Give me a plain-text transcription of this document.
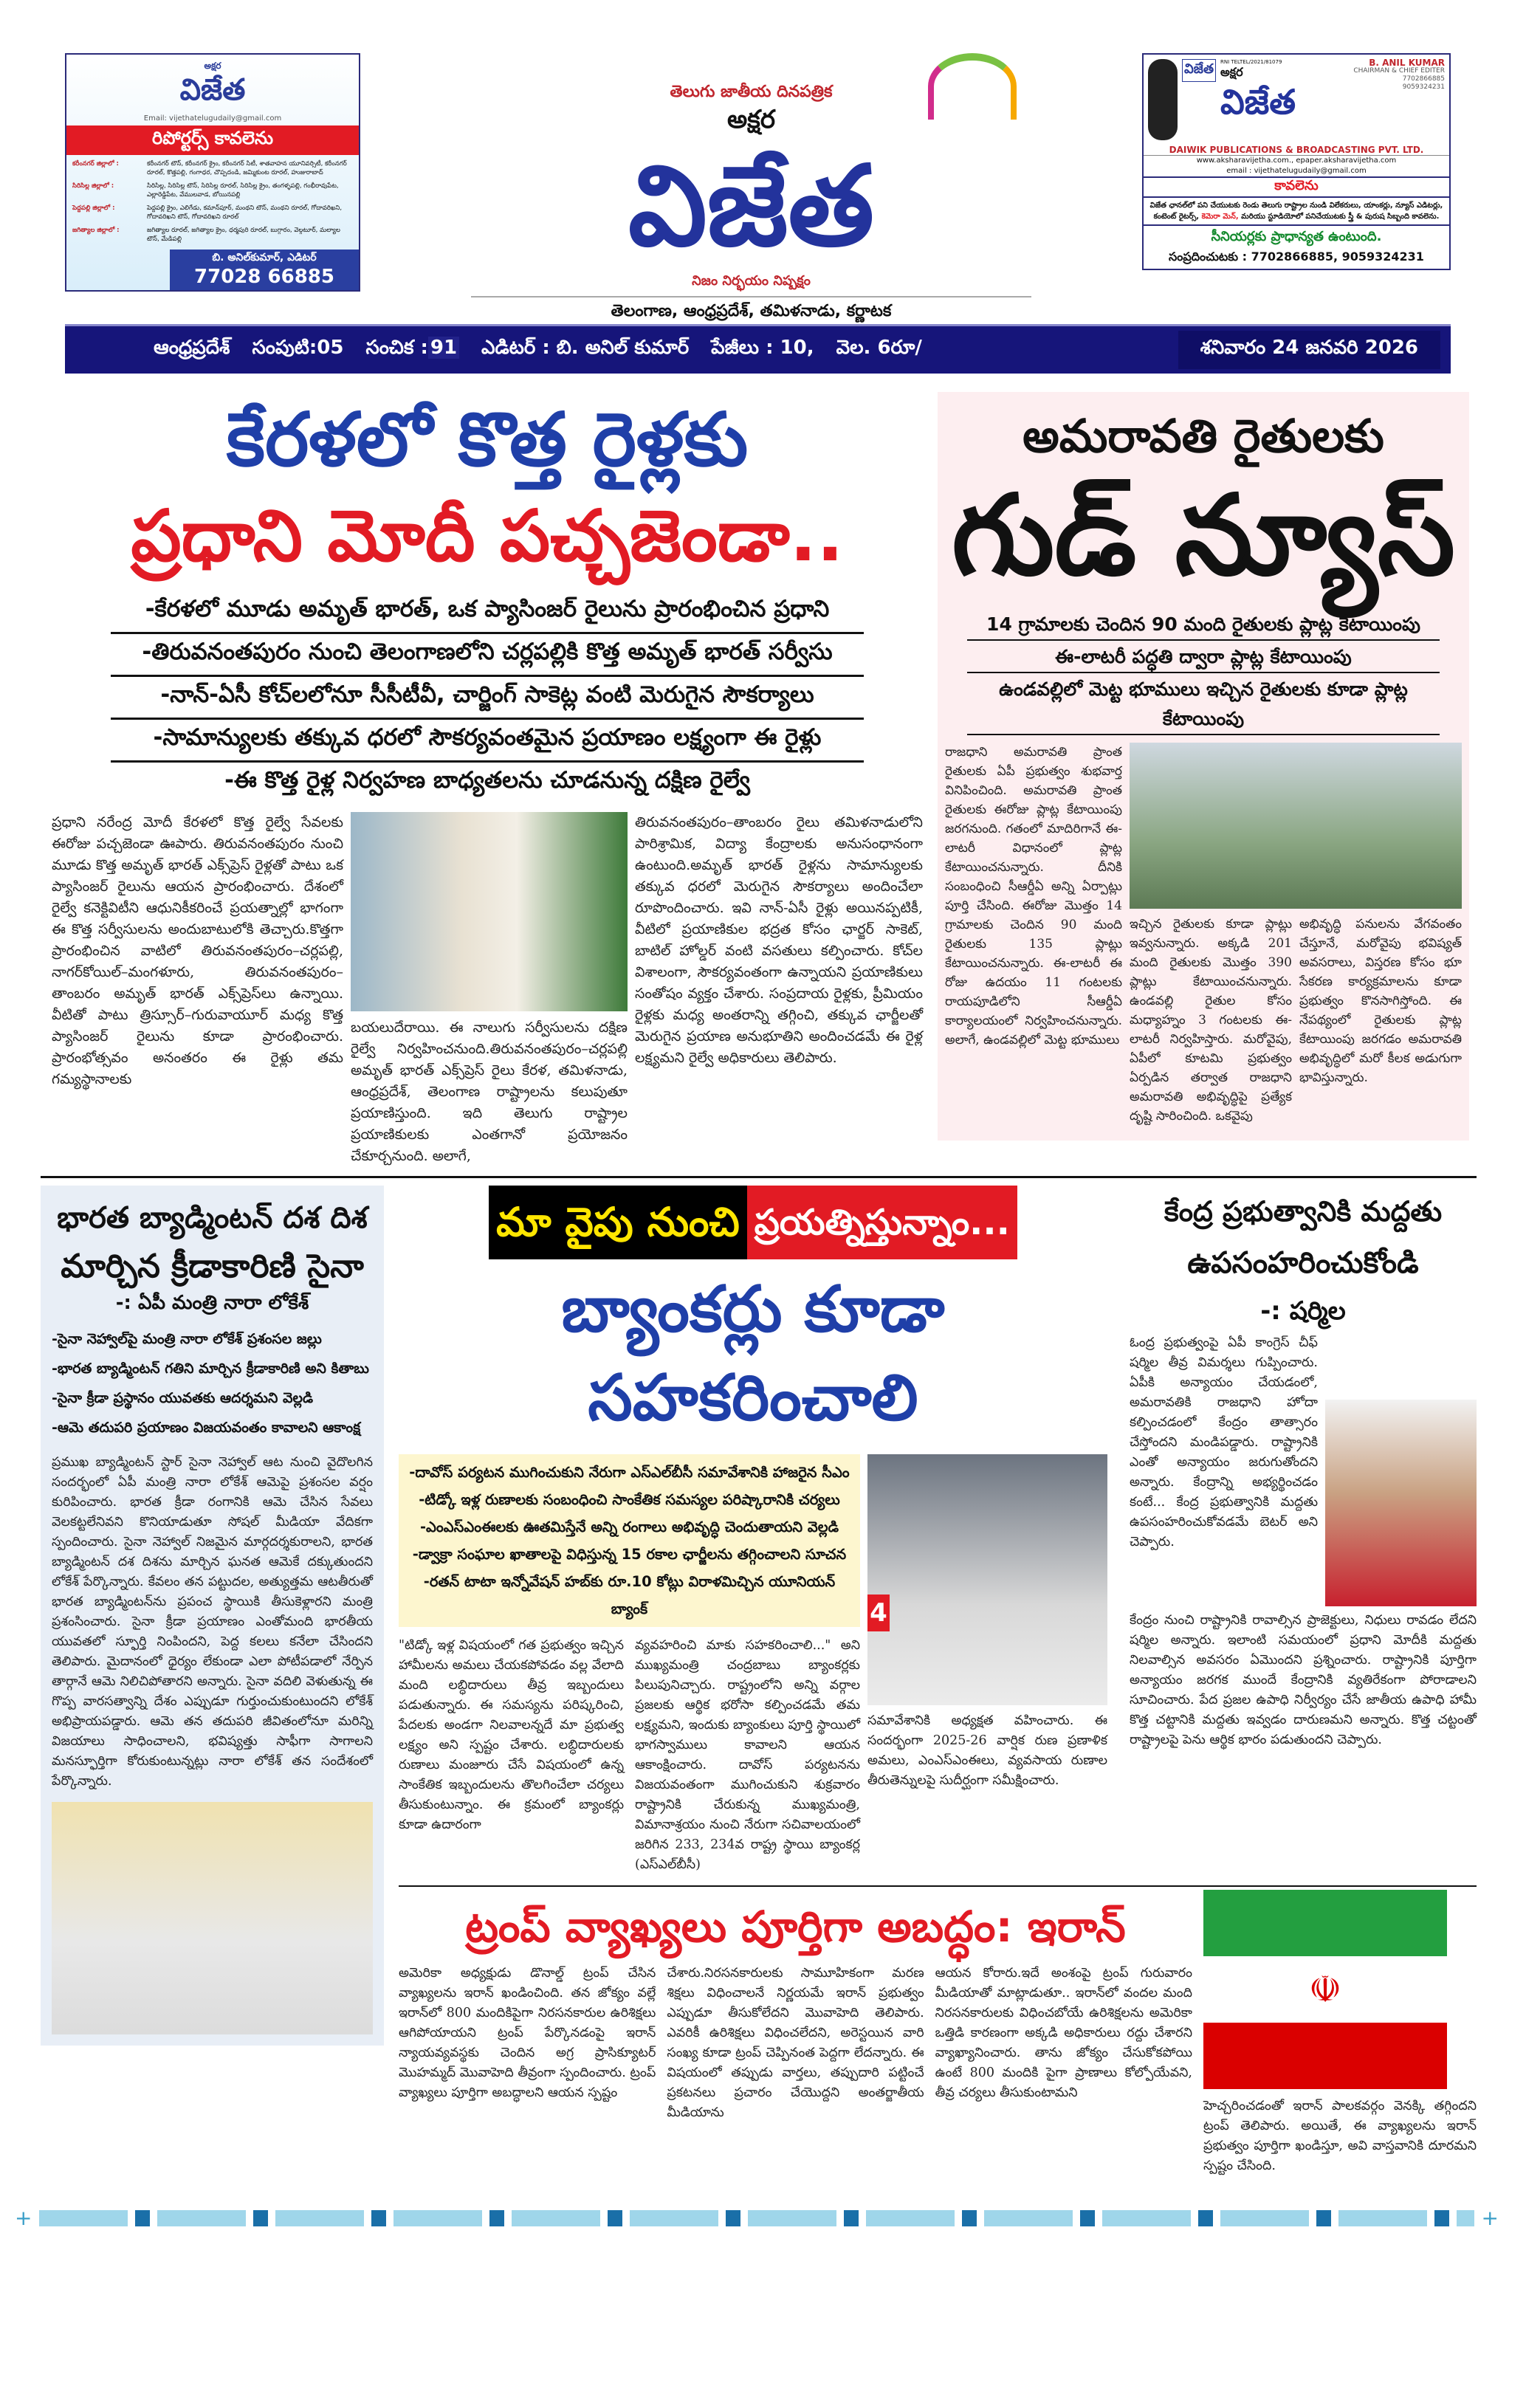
అక్షర
విజేత
Email: vijethatelugudaily@gmail.com
రిపోర్టర్స్ కావలెను
కరీంనగర్ జిల్లాలో :	కరీంనగర్ టౌన్, కరీంనగర్ క్రైం, కరీంనగర్ సిటీ, శాతవాహన యూనివర్సిటీ, కరీంనగర్ రూరల్, కొత్తపల్లి, గంగాధర, చొప్పదండి, జమ్మికుంట రూరల్, హుజురాబాద్
సిరిసిల్ల జిల్లాలో :	సిరిసిల్ల, సిరిసిల్ల టౌన్, సిరిసిల్ల రూరల్, సిరిసిల్ల క్రైం, తంగళ్ళపల్లి, గంభీరావుపేట, ఎల్లారెడ్డిపేట, వేములవాడ, బోయినపల్లి
పెద్దపల్లి జిల్లాలో :	పెద్దపల్లి క్రైం, ఎలిగేడు, కమాన్‌పూర్, మంథని టౌన్, మంథని రూరల్, గోదావరిఖని, గోదావరిఖని టౌన్, గోదావరిఖని రూరల్
జగిత్యాల జిల్లాలో :	జగిత్యాల రూరల్, జగిత్యాల క్రైం, ధర్మపురి రూరల్, బుగ్గారం, వెల్గటూర్, మల్యాల టౌన్, మేడిపల్లి
బి. అనిల్‌కుమార్, ఎడిటర్
77028 66885
తెలుగు జాతీయ దినపత్రిక
అక్షర
విజేత
నిజం నిర్భయం నిష్పక్షం
తెలంగాణ, ఆంధ్రప్రదేశ్, తమిళనాడు, కర్ణాటక
విజేత	RNI TELTEL/2021/81079
అక్షర
విజేత
B. ANIL KUMAR
CHAIRMAN & CHIEF EDITER
7702866885
9059324231
DAIWIK PUBLICATIONS & BROADCASTING PVT. LTD.
www.aksharavijetha.com., epaper.aksharavijetha.com
email : vijethatelugudaily@gmail.com
కావలెను
విజేత ఛానల్‌లో పని చేయుటకు రెండు తెలుగు రాష్ట్రాల నుండి విలేకరులు, యాంకర్లు, న్యూస్ ఎడిటర్లు, కంటెంట్ రైటర్స్, కెమెరా మెన్, మరియు స్టూడియోలో పనిచేయుటకు స్త్రీ & పురుష సిబ్బంది కావలెను.
సీనియర్లకు ప్రాధాన్యత ఉంటుంది.
సంప్రదించుటకు : 7702866885, 9059324231
ఆంధ్రప్రదేశ్ సంపుటి:05 సంచిక : 91 ఎడిటర్ : బి. అనిల్ కుమార్ పేజీలు : 10, వెల. 6రూ/	శనివారం 24 జనవరి 2026
కేరళలో కొత్త రైళ్లకు
ప్రధాని మోదీ పచ్చజెండా..
-కేరళలో మూడు అమృత్ భారత్, ఒక ప్యాసింజర్ రైలును ప్రారంభించిన ప్రధాని
-తిరువనంతపురం నుంచి తెలంగాణలోని చర్లపల్లికి కొత్త అమృత్ భారత్ సర్వీసు
-నాన్-ఏసీ కోచ్‌లలోనూ సీసీటీవీ, చార్జింగ్ సాకెట్ల వంటి మెరుగైన సౌకర్యాలు
-సామాన్యులకు తక్కువ ధరలో సౌకర్యవంతమైన ప్రయాణం లక్ష్యంగా ఈ రైళ్లు
-ఈ కొత్త రైళ్ల నిర్వహణ బాధ్యతలను చూడనున్న దక్షిణ రైల్వే
ప్రధాని నరేంద్ర మోదీ కేరళలో కొత్త రైల్వే సేవలకు ఈరోజు పచ్చజెండా ఊపారు. తిరువనంతపురం నుంచి మూడు కొత్త అమృత్ భారత్ ఎక్స్‌ప్రెస్ రైళ్లతో పాటు ఒక ప్యాసింజర్ రైలును ఆయన ప్రారంభించారు. దేశంలో రైల్వే కనెక్టివిటీని ఆధునికీకరించే ప్రయత్నాల్లో భాగంగా ఈ కొత్త సర్వీసులను అందుబాటులోకి తెచ్చారు.కొత్తగా ప్రారంభించిన వాటిలో తిరువనంతపురం–చర్లపల్లి, నాగర్‌కోయిల్–మంగళూరు, తిరువనంతపురం–తాంబరం అమృత్ భారత్ ఎక్స్‌ప్రెస్‌లు ఉన్నాయి. వీటితో పాటు త్రిస్సూర్–గురువాయూర్ మధ్య కొత్త ప్యాసింజర్ రైలును కూడా ప్రారంభించారు. ప్రారంభోత్సవం అనంతరం ఈ రైళ్లు తమ గమ్యస్థానాలకు
బయలుదేరాయి. ఈ నాలుగు సర్వీసులను దక్షిణ రైల్వే నిర్వహించనుంది.తిరువనంతపురం–చర్లపల్లి అమృత్ భారత్ ఎక్స్‌ప్రెస్ రైలు కేరళ, తమిళనాడు, ఆంధ్రప్రదేశ్, తెలంగాణ రాష్ట్రాలను కలుపుతూ ప్రయాణిస్తుంది. ఇది తెలుగు రాష్ట్రాల ప్రయాణికులకు ఎంతగానో ప్రయోజనం చేకూర్చనుంది. అలాగే,
తిరువనంతపురం–తాంబరం రైలు తమిళనాడులోని పారిశ్రామిక, విద్యా కేంద్రాలకు అనుసంధానంగా ఉంటుంది.అమృత్ భారత్ రైళ్లను సామాన్యులకు తక్కువ ధరలో మెరుగైన సౌకర్యాలు అందించేలా రూపొందించారు. ఇవి నాన్-ఏసీ రైళ్లు అయినప్పటికీ, వీటిలో ప్రయాణికుల భద్రత కోసం ఛార్జర్ సాకెట్, బాటిల్ హోల్డర్ వంటి వసతులు కల్పించారు. కోచ్‌ల విశాలంగా, సౌకర్యవంతంగా ఉన్నాయని ప్రయాణికులు సంతోషం వ్యక్తం చేశారు. సంప్రదాయ రైళ్లకు, ప్రీమియం రైళ్లకు మధ్య అంతరాన్ని తగ్గించి, తక్కువ ఛార్జీలతో మెరుగైన ప్రయాణ అనుభూతిని అందించడమే ఈ రైళ్ల లక్ష్యమని రైల్వే అధికారులు తెలిపారు.
అమరావతి రైతులకు
గుడ్ న్యూస్
14 గ్రామాలకు చెందిన 90 మంది రైతులకు ప్లాట్ల కేటాయింపు
ఈ-లాటరీ పద్ధతి ద్వారా ప్లాట్ల కేటాయింపు
ఉండవల్లిలో మెట్ట భూములు ఇచ్చిన రైతులకు కూడా ప్లాట్ల కేటాయింపు
రాజధాని అమరావతి ప్రాంత రైతులకు ఏపీ ప్రభుత్వం శుభవార్త వినిపించింది. అమరావతి ప్రాంత రైతులకు ఈరోజు ప్లాట్ల కేటాయింపు జరగనుంది. గతంలో మాదిరిగానే ఈ-లాటరీ విధానంలో ప్లాట్ల కేటాయించనున్నారు. దీనికి సంబంధించి సీఆర్డీఏ అన్ని ఏర్పాట్లు పూర్తి చేసింది. ఈరోజు మొత్తం 14 గ్రామాలకు చెందిన 90 మంది రైతులకు 135 ప్లాట్లు కేటాయించనున్నారు. ఈ-లాటరీ ఈ రోజు ఉదయం 11 గంటలకు రాయపూడిలోని సీఆర్డీఏ కార్యాలయంలో నిర్వహించనున్నారు. అలాగే, ఉండవల్లిలో మెట్ట భూములు
ఇచ్చిన రైతులకు కూడా ప్లాట్లు ఇవ్వనున్నారు. అక్కడి 201 మంది రైతులకు మొత్తం 390 ప్లాట్లు కేటాయించనున్నారు. ఉండవల్లి రైతుల కోసం మధ్యాహ్నం 3 గంటలకు ఈ-లాటరీ నిర్వహిస్తారు. మరోవైపు, ఏపీలో కూటమి ప్రభుత్వం ఏర్పడిన తర్వాత రాజధాని అమరావతి అభివృద్ధిపై ప్రత్యేక దృష్టి సారించింది. ఒకవైపు
అభివృద్ధి పనులను వేగవంతం చేస్తూనే, మరోవైపు భవిష్యత్ అవసరాలు, విస్తరణ కోసం భూ సేకరణ కార్యక్రమాలను కూడా ప్రభుత్వం కొనసాగిస్తోంది. ఈ నేపథ్యంలో రైతులకు ప్లాట్ల కేటాయింపు జరగడం అమరావతి అభివృద్ధిలో మరో కీలక అడుగుగా భావిస్తున్నారు.
భారత బ్యాడ్మింటన్ దశ దిశ
మార్చిన క్రీడాకారిణి సైనా
-: ఏపీ మంత్రి నారా లోకేశ్
-సైనా నెహ్వాల్‌పై మంత్రి నారా లోకేశ్ ప్రశంసల జల్లు
-భారత బ్యాడ్మింటన్ గతిని మార్చిన క్రీడాకారిణి అని కితాబు
-సైనా క్రీడా ప్రస్థానం యువతకు ఆదర్శమని వెల్లడి
-ఆమె తదుపరి ప్రయాణం విజయవంతం కావాలని ఆకాంక్ష
ప్రముఖ బ్యాడ్మింటన్ స్టార్ సైనా నెహ్వాల్ ఆట నుంచి వైదొలగిన సందర్భంలో ఏపీ మంత్రి నారా లోకేశ్ ఆమెపై ప్రశంసల వర్షం కురిపించారు. భారత క్రీడా రంగానికి ఆమె చేసిన సేవలు వెలకట్టలేనివని కొనియాడుతూ సోషల్ మీడియా వేదికగా స్పందించారు. సైనా నెహ్వాల్ నిజమైన మార్గదర్శకురాలని, భారత బ్యాడ్మింటన్ దశ దిశను మార్చిన ఘనత ఆమెకే దక్కుతుందని లోకేశ్ పేర్కొన్నారు. కేవలం తన పట్టుదల, అత్యుత్తమ ఆటతీరుతో భారత బ్యాడ్మింటన్‌ను ప్రపంచ స్థాయికి తీసుకెళ్లారని మంత్రి ప్రశంసించారు. సైనా క్రీడా ప్రయాణం ఎంతోమంది భారతీయ యువతలో స్ఫూర్తి నింపిందని, పెద్ద కలలు కనేలా చేసిందని తెలిపారు. మైదానంలో ధైర్యం లేకుండా ఎలా పోటీపడాలో నేర్పిన తార్గానే ఆమె నిలిచిపోతారని అన్నారు. సైనా వదిలి వెళుతున్న ఈ గొప్ప వారసత్వాన్ని దేశం ఎప్పుడూ గుర్తుంచుకుంటుందని లోకేశ్ అభిప్రాయపడ్డారు. ఆమె తన తదుపరి జీవితంలోనూ మరిన్ని విజయాలు సాధించాలని, భవిష్యత్తు సాఫీగా సాగాలని మనస్ఫూర్తిగా కోరుకుంటున్నట్లు నారా లోకేశ్ తన సందేశంలో పేర్కొన్నారు.
మా వైపు నుంచి ప్రయత్నిస్తున్నాం...
బ్యాంకర్లు కూడా సహకరించాలి
-దావోస్ పర్యటన ముగించుకుని నేరుగా ఎస్ఎల్‌బీసీ సమావేశానికి హాజరైన సీఎం
-టిడ్కో ఇళ్ల రుణాలకు సంబంధించి సాంకేతిక సమస్యల పరిష్కారానికి చర్యలు
-ఎంఎస్ఎంఈలకు ఊతమిస్తేనే అన్ని రంగాలు అభివృద్ధి చెందుతాయని వెల్లడి
-డ్వాక్రా సంఘాల ఖాతాలపై విధిస్తున్న 15 రకాల ఛార్జీలను తగ్గించాలని సూచన
-రతన్ టాటా ఇన్నోవేషన్ హబ్‌కు రూ.10 కోట్లు విరాళమిచ్చిన యూనియన్ బ్యాంక్
"టిడ్కో ఇళ్ల విషయంలో గత ప్రభుత్వం ఇచ్చిన హామీలను అమలు చేయకపోవడం వల్ల వేలాది మంది లబ్ధిదారులు తీవ్ర ఇబ్బందులు పడుతున్నారు. ఈ సమస్యను పరిష్కరించి, పేదలకు అండగా నిలవాలన్నదే మా ప్రభుత్వ లక్ష్యం అని స్పష్టం చేశారు. లబ్ధిదారులకు రుణాలు మంజూరు చేసే విషయంలో ఉన్న సాంకేతిక ఇబ్బందులను తొలగించేలా చర్యలు తీసుకుంటున్నాం. ఈ క్రమంలో బ్యాంకర్లు కూడా ఉదారంగా
వ్యవహరించి మాకు సహకరించాలి..." అని ముఖ్యమంత్రి చంద్రబాబు బ్యాంకర్లకు పిలుపునిచ్చారు. రాష్ట్రంలోని అన్ని వర్గాల ప్రజలకు ఆర్థిక భరోసా కల్పించడమే తమ లక్ష్యమని, ఇందుకు బ్యాంకులు పూర్తి స్థాయిలో భాగస్వాములు కావాలని ఆయన ఆకాంక్షించారు. దావోస్ పర్యటనను విజయవంతంగా ముగించుకుని శుక్రవారం రాష్ట్రానికి చేరుకున్న ముఖ్యమంత్రి, విమానాశ్రయం నుంచి నేరుగా సచివాలయంలో జరిగిన 233, 234వ రాష్ట్ర స్థాయి బ్యాంకర్ల (ఎస్ఎల్‌బీసీ)
4
సమావేశానికి అధ్యక్షత వహించారు. ఈ సందర్భంగా 2025-26 వార్షిక రుణ ప్రణాళిక అమలు, ఎంఎస్ఎంఈలు, వ్యవసాయ రుణాల తీరుతెన్నులపై సుదీర్ఘంగా సమీక్షించారు.
కేంద్ర ప్రభుత్వానికి మద్దతు
ఉపసంహరించుకోండి
-: షర్మిల
ఓంద్ర ప్రభుత్వంపై ఏపీ కాంగ్రెస్ చీఫ్ షర్మిల తీవ్ర విమర్శలు గుప్పించారు. ఏపీకి అన్యాయం చేయడంలో, అమరావతికి రాజధాని హోదా కల్పించడంలో కేంద్రం తాత్సారం చేస్తోందని మండిపడ్డారు. రాష్ట్రానికి ఎంతో అన్యాయం జరుగుతోందని అన్నారు. కేంద్రాన్ని అభ్యర్థించడం కంటే... కేంద్ర ప్రభుత్వానికి మద్దతు ఉపసంహరించుకోవడమే బెటర్ అని చెప్పారు.
కేంద్రం నుంచి రాష్ట్రానికి రావాల్సిన ప్రాజెక్టులు, నిధులు రావడం లేదని షర్మిల అన్నారు. ఇలాంటి సమయంలో ప్రధాని మోదీకి మద్దతు నిలవాల్సిన అవసరం ఏమొందని ప్రశ్నించారు. రాష్ట్రానికి పూర్తిగా అన్యాయం జరగక ముందే కేంద్రానికి వ్యతిరేకంగా పోరాడాలని సూచించారు. పేద ప్రజల ఉపాధి నిర్వీర్యం చేసే జాతీయ ఉపాధి హామీ కొత్త చట్టానికి మద్దతు ఇవ్వడం దారుణమని అన్నారు. కొత్త చట్టంతో రాష్ట్రాలపై పెను ఆర్థిక భారం పడుతుందని చెప్పారు.
ట్రంప్ వ్యాఖ్యలు పూర్తిగా అబద్ధం: ఇరాన్
అమెరికా అధ్యక్షుడు డొనాల్డ్ ట్రంప్ చేసిన వ్యాఖ్యలను ఇరాన్ ఖండించింది. తన జోక్యం వల్లే ఇరాన్‌లో 800 మందికిపైగా నిరసనకారుల ఉరిశిక్షలు ఆగిపోయాయని ట్రంప్ పేర్కొనడంపై ఇరాన్ న్యాయవ్యవస్థకు చెందిన అగ్ర ప్రాసిక్యూటర్ మొహమ్మద్ మొవాహెది తీవ్రంగా స్పందించారు. ట్రంప్ వ్యాఖ్యలు పూర్తిగా అబద్ధాలని ఆయన స్పష్టం
చేశారు.నిరసనకారులకు సామూహికంగా మరణ శిక్షలు విధించాలనే నిర్ణయమే ఇరాన్ ప్రభుత్వం ఎప్పుడూ తీసుకోలేదని మొవాహెది తెలిపారు. ఎవరికీ ఉరిశిక్షలు విధించలేదని, అరెస్టయిన వారి సంఖ్య కూడా ట్రంప్ చెప్పినంత పెద్దగా లేదన్నారు. ఈ విషయంలో తప్పుడు వార్తలు, తప్పుదారి పట్టించే ప్రకటనలు ప్రచారం చేయొద్దని అంతర్జాతీయ మీడియాను
ఆయన కోరారు.ఇదే అంశంపై ట్రంప్ గురువారం మీడియాతో మాట్లాడుతూ.. ఇరాన్‌లో వందల మంది నిరసనకారులకు విధించబోయే ఉరిశిక్షలను అమెరికా ఒత్తిడి కారణంగా అక్కడి అధికారులు రద్దు చేశారని వ్యాఖ్యానించారు. తాను జోక్యం చేసుకోకపోయి ఉంటే 800 మందికి పైగా ప్రాణాలు కోల్పోయేవని, తీవ్ర చర్యలు తీసుకుంటామని
☫
హెచ్చరించడంతో ఇరాన్ పాలకవర్గం వెనక్కి తగ్గిందని ట్రంప్ తెలిపారు. అయితే, ఈ వ్యాఖ్యలను ఇరాన్ ప్రభుత్వం పూర్తిగా ఖండిస్తూ, అవి వాస్తవానికి దూరమని స్పష్టం చేసింది.
+	+
